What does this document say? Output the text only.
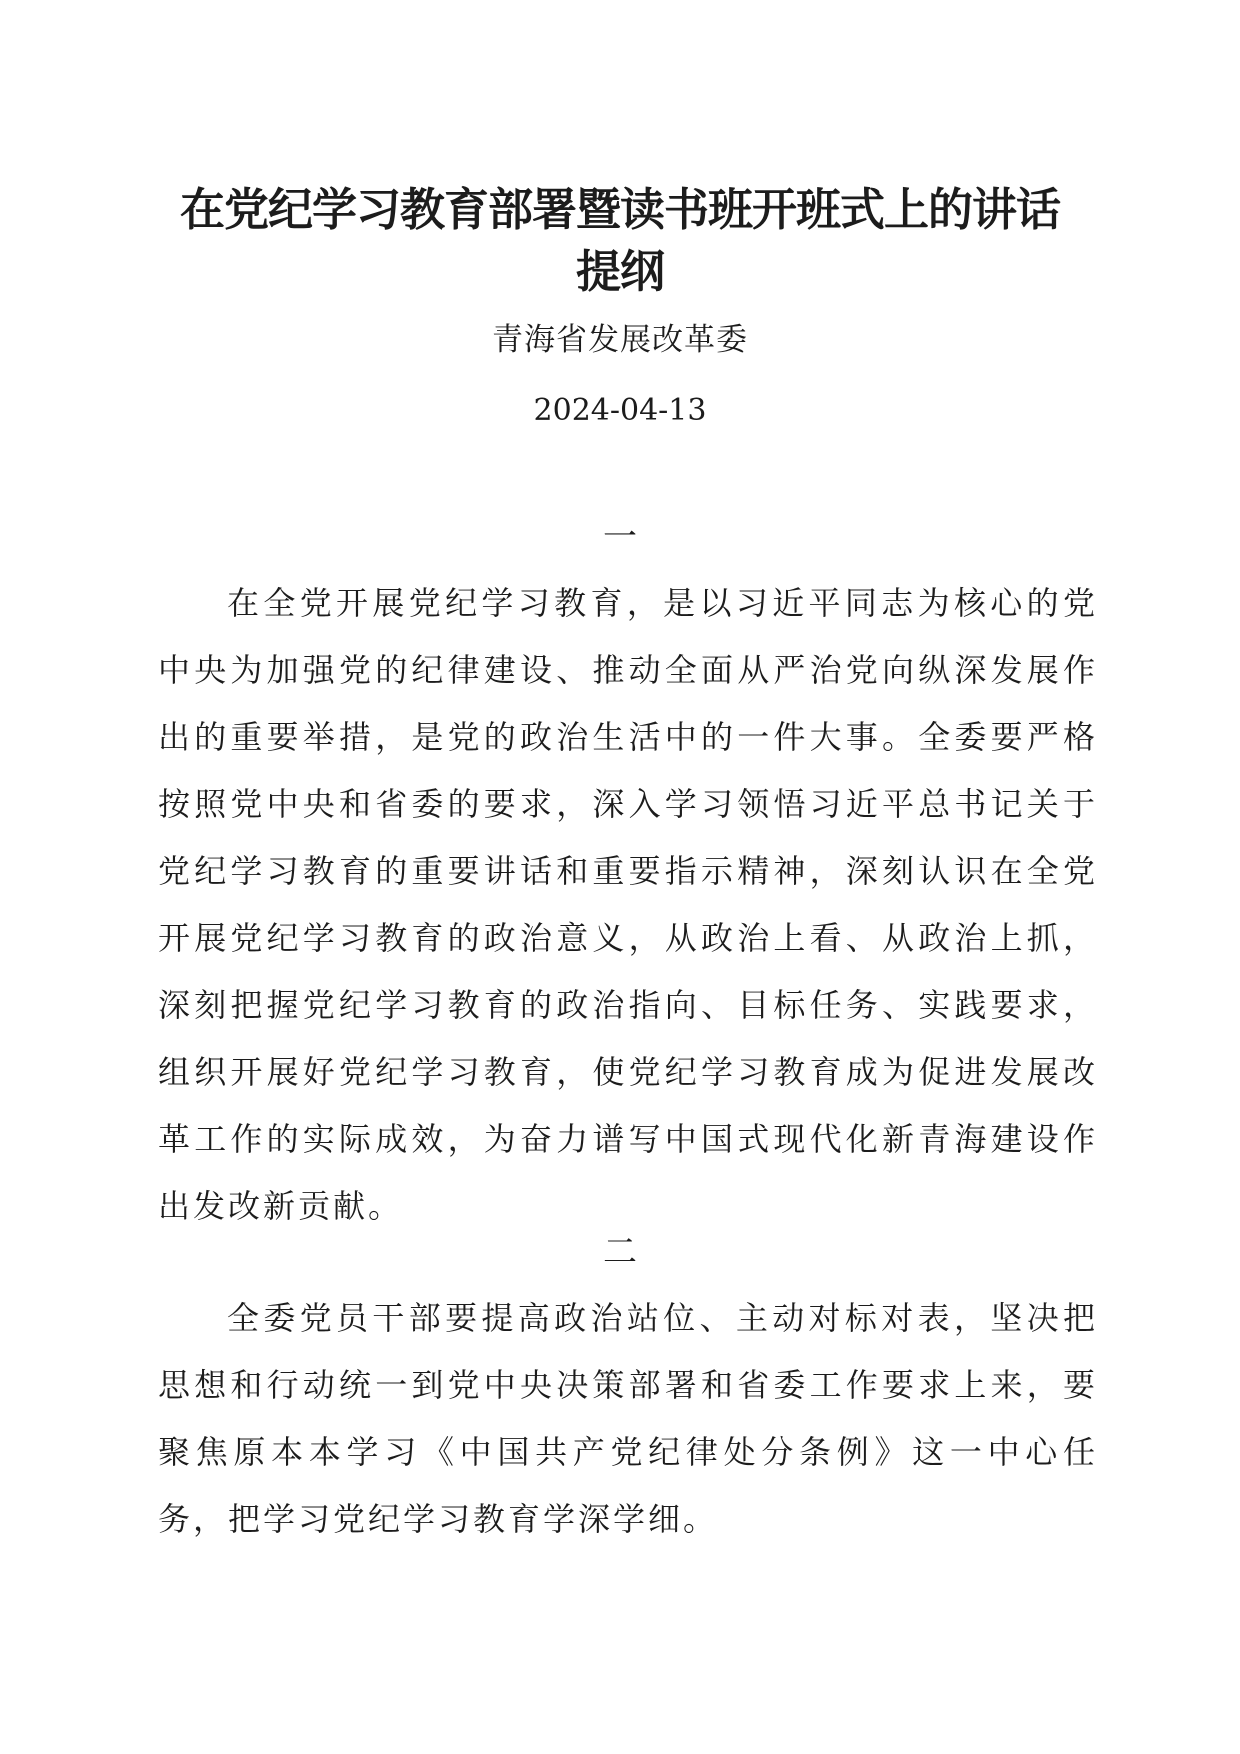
在党纪学习教育部署暨读书班开班式上的讲话
提纲
青海省发展改革委
2024-04-13
一

在全党开展党纪学习教育，是以习近平同志为核心的党中央为加强党的纪律建设、推动全面从严治党向纵深发展作出的重要举措，是党的政治生活中的一件大事。全委要严格按照党中央和省委的要求，深入学习领悟习近平总书记关于党纪学习教育的重要讲话和重要指示精神，深刻认识在全党开展党纪学习教育的政治意义，从政治上看、从政治上抓，深刻把握党纪学习教育的政治指向、目标任务、实践要求，组织开展好党纪学习教育，使党纪学习教育成为促进发展改革工作的实际成效，为奋力谱写中国式现代化新青海建设作出发改新贡献。

二

全委党员干部要提高政治站位、主动对标对表，坚决把思想和行动统一到党中央决策部署和省委工作要求上来，要聚焦原本本学习《中国共产党纪律处分条例》这一中心任务，把学习党纪学习教育学深学细。
